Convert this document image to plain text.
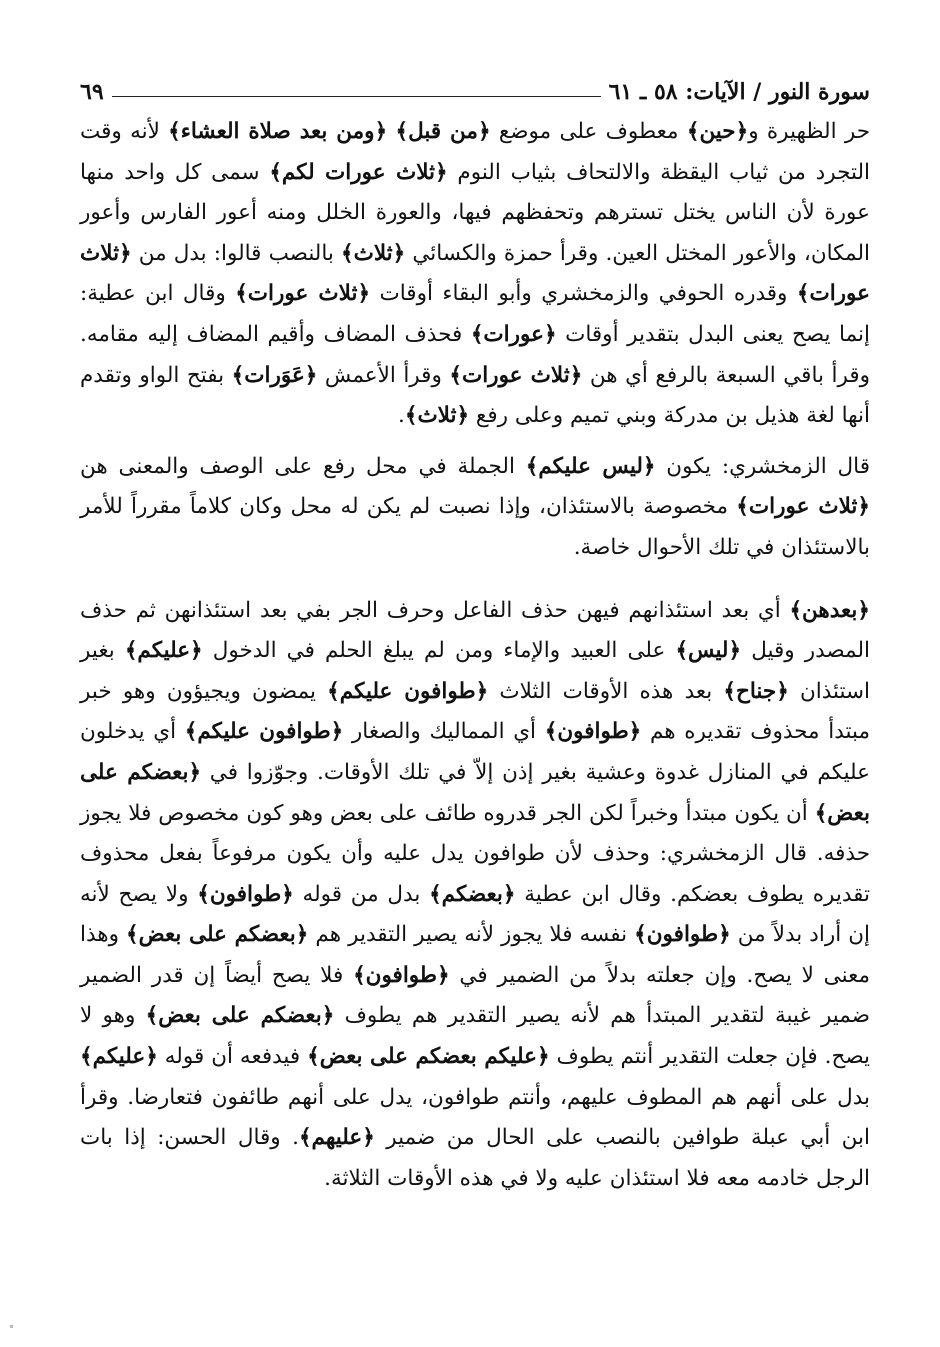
سورة النور / الآيات: ٥٨ ـ ٦١
٦٩

حر الظهيرة و﴿حين﴾ معطوف على موضع ﴿من قبل﴾ ﴿ومن بعد صلاة العشاء﴾ لأنه وقت التجرد من ثياب اليقظة والالتحاف بثياب النوم ﴿ثلاث عورات لكم﴾ سمى كل واحد منها عورة لأن الناس يختل تسترهم وتحفظهم فيها، والعورة الخلل ومنه أعور الفارس وأعور المكان، والأعور المختل العين. وقرأ حمزة والكسائي ﴿ثلاث﴾ بالنصب قالوا: بدل من ﴿ثلاث عورات﴾ وقدره الحوفي والزمخشري وأبو البقاء أوقات ﴿ثلاث عورات﴾ وقال ابن عطية: إنما يصح يعنى البدل بتقدير أوقات ﴿عورات﴾ فحذف المضاف وأقيم المضاف إليه مقامه. وقرأ باقي السبعة بالرفع أي هن ﴿ثلاث عورات﴾ وقرأ الأعمش ﴿عَوَرات﴾ بفتح الواو وتقدم أنها لغة هذيل بن مدركة وبني تميم وعلى رفع ﴿ثلاث﴾.

قال الزمخشري: يكون ﴿ليس عليكم﴾ الجملة في محل رفع على الوصف والمعنى هن ﴿ثلاث عورات﴾ مخصوصة بالاستئذان، وإذا نصبت لم يكن له محل وكان كلاماً مقرراً للأمر بالاستئذان في تلك الأحوال خاصة.

﴿بعدهن﴾ أي بعد استئذانهم فيهن حذف الفاعل وحرف الجر بفي بعد استئذانهن ثم حذف المصدر وقيل ﴿ليس﴾ على العبيد والإماء ومن لم يبلغ الحلم في الدخول ﴿عليكم﴾ بغير استئذان ﴿جناح﴾ بعد هذه الأوقات الثلاث ﴿طوافون عليكم﴾ يمضون ويجيؤون وهو خبر مبتدأ محذوف تقديره هم ﴿طوافون﴾ أي المماليك والصغار ﴿طوافون عليكم﴾ أي يدخلون عليكم في المنازل غدوة وعشية بغير إذن إلاّ في تلك الأوقات. وجوّزوا في ﴿بعضكم على بعض﴾ أن يكون مبتدأ وخبراً لكن الجر قدروه طائف على بعض وهو كون مخصوص فلا يجوز حذفه. قال الزمخشري: وحذف لأن طوافون يدل عليه وأن يكون مرفوعاً بفعل محذوف تقديره يطوف بعضكم. وقال ابن عطية ﴿بعضكم﴾ بدل من قوله ﴿طوافون﴾ ولا يصح لأنه إن أراد بدلاً من ﴿طوافون﴾ نفسه فلا يجوز لأنه يصير التقدير هم ﴿بعضكم على بعض﴾ وهذا معنى لا يصح. وإن جعلته بدلاً من الضمير في ﴿طوافون﴾ فلا يصح أيضاً إن قدر الضمير ضمير غيبة لتقدير المبتدأ هم لأنه يصير التقدير هم يطوف ﴿بعضكم على بعض﴾ وهو لا يصح. فإن جعلت التقدير أنتم يطوف ﴿عليكم بعضكم على بعض﴾ فيدفعه أن قوله ﴿عليكم﴾ بدل على أنهم هم المطوف عليهم، وأنتم طوافون، يدل على أنهم طائفون فتعارضا. وقرأ ابن أبي عبلة طوافين بالنصب على الحال من ضمير ﴿عليهم﴾. وقال الحسن: إذا بات الرجل خادمه معه فلا استئذان عليه ولا في هذه الأوقات الثلاثة.
